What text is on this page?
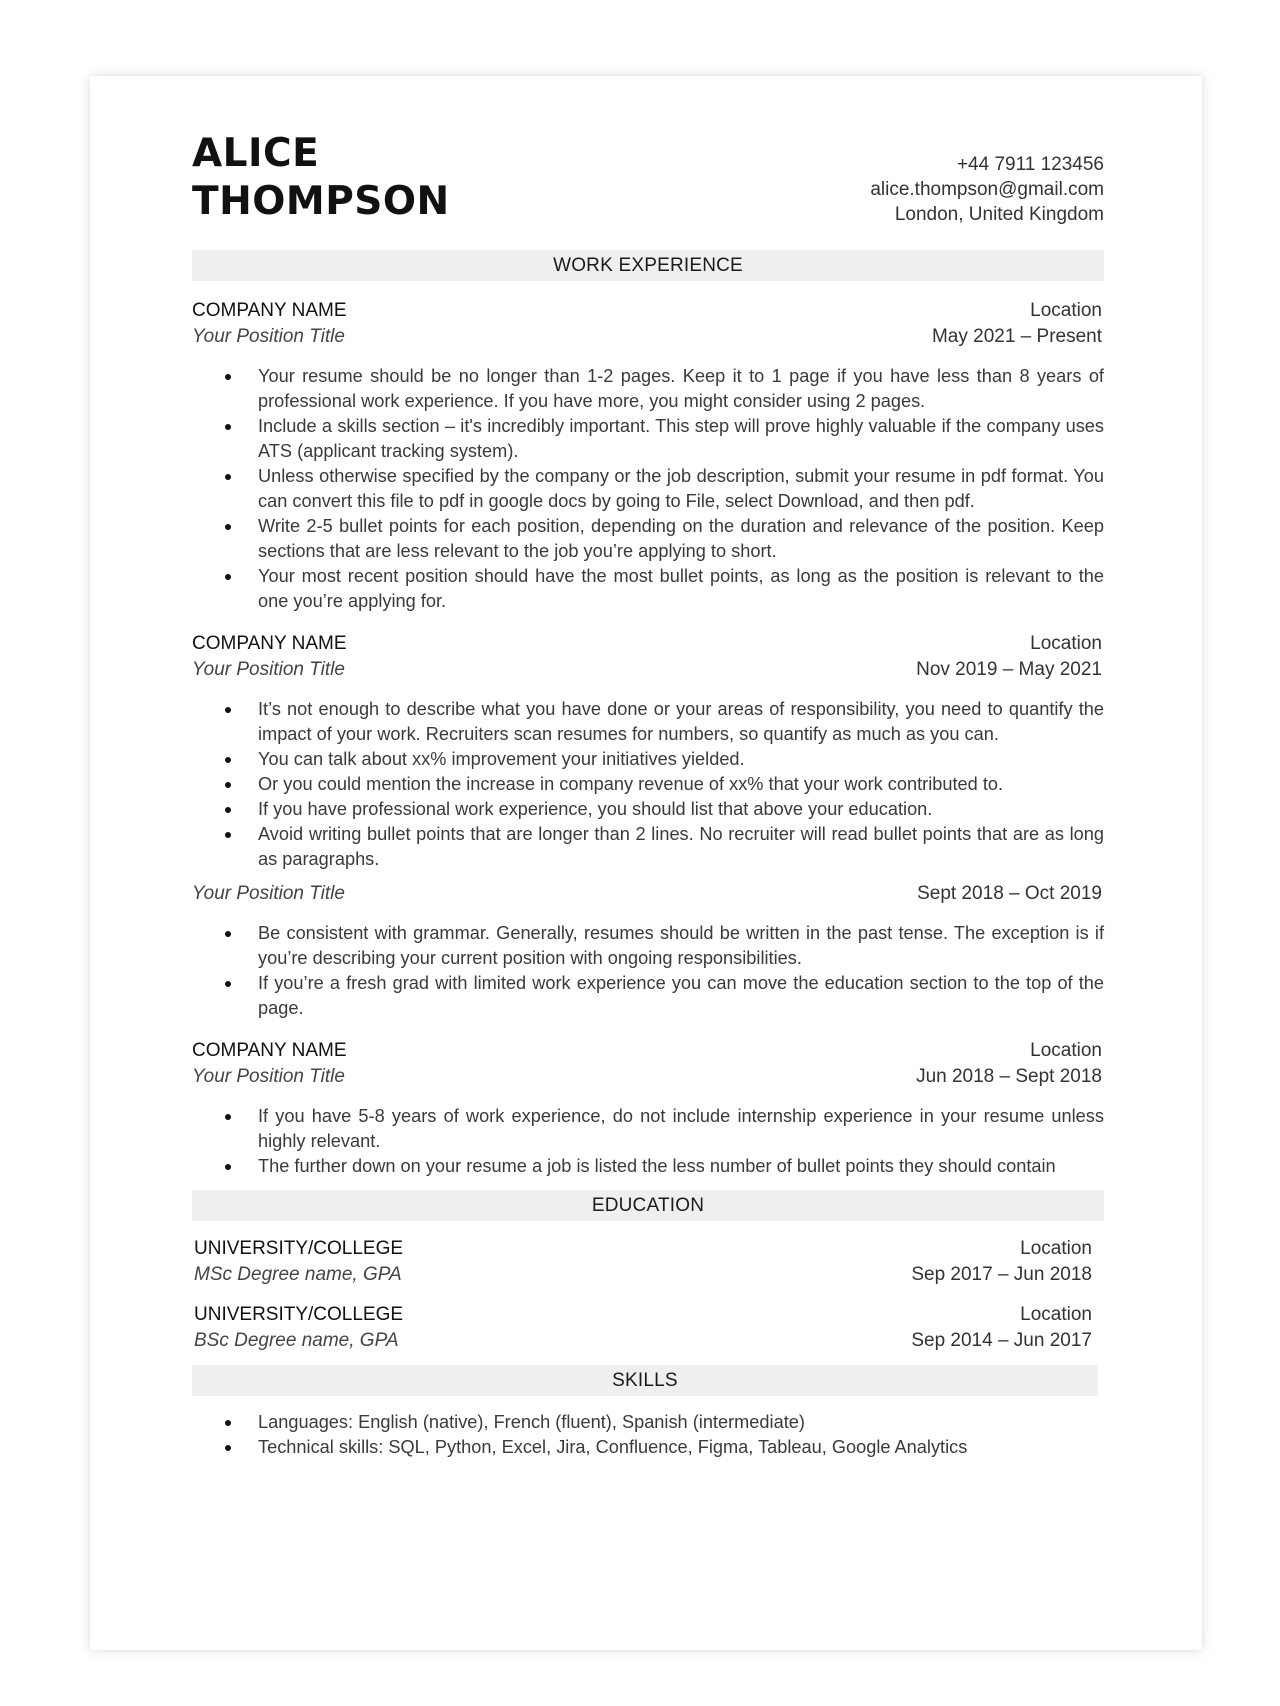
ALICE
THOMPSON
+44 7911 123456
alice.thompson@gmail.com
London, United Kingdom
WORK EXPERIENCE
COMPANY NAME	Location
Your Position Title	May 2021 – Present
Your resume should be no longer than 1-2 pages. Keep it to 1 page if you have less than 8 years of professional work experience. If you have more, you might consider using 2 pages.
Include a skills section – it's incredibly important. This step will prove highly valuable if the company uses ATS (applicant tracking system).
Unless otherwise specified by the company or the job description, submit your resume in pdf format. You can convert this file to pdf in google docs by going to File, select Download, and then pdf.
Write 2-5 bullet points for each position, depending on the duration and relevance of the position. Keep sections that are less relevant to the job you’re applying to short.
Your most recent position should have the most bullet points, as long as the position is relevant to the one you’re applying for.
COMPANY NAME	Location
Your Position Title	Nov 2019 – May 2021
It’s not enough to describe what you have done or your areas of responsibility, you need to quantify the impact of your work. Recruiters scan resumes for numbers, so quantify as much as you can.
You can talk about xx% improvement your initiatives yielded.
Or you could mention the increase in company revenue of xx% that your work contributed to.
If you have professional work experience, you should list that above your education.
Avoid writing bullet points that are longer than 2 lines. No recruiter will read bullet points that are as long as paragraphs.
Your Position Title	Sept 2018 – Oct 2019
Be consistent with grammar. Generally, resumes should be written in the past tense. The exception is if you’re describing your current position with ongoing responsibilities.
If you’re a fresh grad with limited work experience you can move the education section to the top of the page.
COMPANY NAME	Location
Your Position Title	Jun 2018 – Sept 2018
If you have 5-8 years of work experience, do not include internship experience in your resume unless highly relevant.
The further down on your resume a job is listed the less number of bullet points they should contain
EDUCATION
UNIVERSITY/COLLEGE	Location
MSc Degree name, GPA	Sep 2017 – Jun 2018
UNIVERSITY/COLLEGE	Location
BSc Degree name, GPA	Sep 2014 – Jun 2017
SKILLS
Languages: English (native), French (fluent), Spanish (intermediate)
Technical skills: SQL, Python, Excel, Jira, Confluence, Figma, Tableau, Google Analytics
